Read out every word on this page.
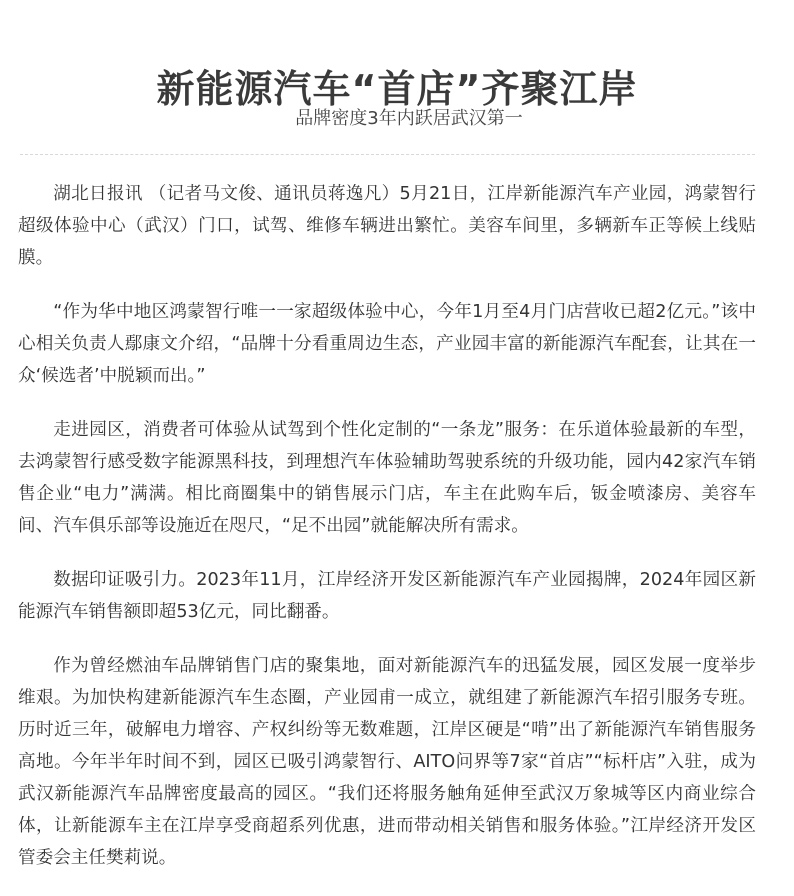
新能源汽车“首店”齐聚江岸
品牌密度3年内跃居武汉第一

湖北日报讯 （记者马文俊、通讯员蒋逸凡）5月21日，江岸新能源汽车产业园，鸿蒙智行超级体验中心（武汉）门口，试驾、维修车辆进出繁忙。美容车间里，多辆新车正等候上线贴膜。

“作为华中地区鸿蒙智行唯一一家超级体验中心，今年1月至4月门店营收已超2亿元。”该中心相关负责人鄢康文介绍，“品牌十分看重周边生态，产业园丰富的新能源汽车配套，让其在一众‘候选者’中脱颖而出。”

走进园区，消费者可体验从试驾到个性化定制的“一条龙”服务：在乐道体验最新的车型，去鸿蒙智行感受数字能源黑科技，到理想汽车体验辅助驾驶系统的升级功能，园内42家汽车销售企业“电力”满满。相比商圈集中的销售展示门店，车主在此购车后，钣金喷漆房、美容车间、汽车俱乐部等设施近在咫尺，“足不出园”就能解决所有需求。

数据印证吸引力。2023年11月，江岸经济开发区新能源汽车产业园揭牌，2024年园区新能源汽车销售额即超53亿元，同比翻番。

作为曾经燃油车品牌销售门店的聚集地，面对新能源汽车的迅猛发展，园区发展一度举步维艰。为加快构建新能源汽车生态圈，产业园甫一成立，就组建了新能源汽车招引服务专班。历时近三年，破解电力增容、产权纠纷等无数难题，江岸区硬是“啃”出了新能源汽车销售服务高地。今年半年时间不到，园区已吸引鸿蒙智行、AITO问界等7家“首店”“标杆店”入驻，成为武汉新能源汽车品牌密度最高的园区。“我们还将服务触角延伸至武汉万象城等区内商业综合体，让新能源车主在江岸享受商超系列优惠，进而带动相关销售和服务体验。”江岸经济开发区管委会主任樊莉说。
